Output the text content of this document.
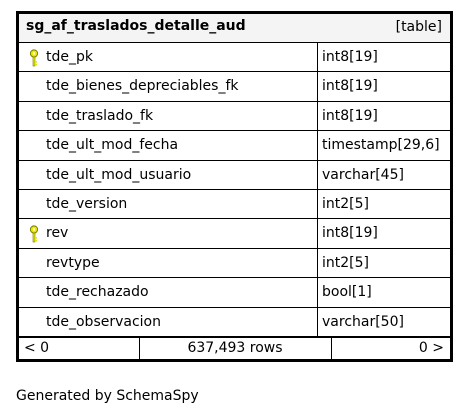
sg_af_traslados_detalle_aud	[table]
tde_pk	int8[19]
tde_bienes_depreciables_fk	int8[19]
tde_traslado_fk	int8[19]
tde_ult_mod_fecha	timestamp[29,6]
tde_ult_mod_usuario	varchar[45]
tde_version	int2[5]
rev	int8[19]
revtype	int2[5]
tde_rechazado	bool[1]
tde_observacion	varchar[50]
< 0	637,493 rows	0 >
Generated by SchemaSpy
